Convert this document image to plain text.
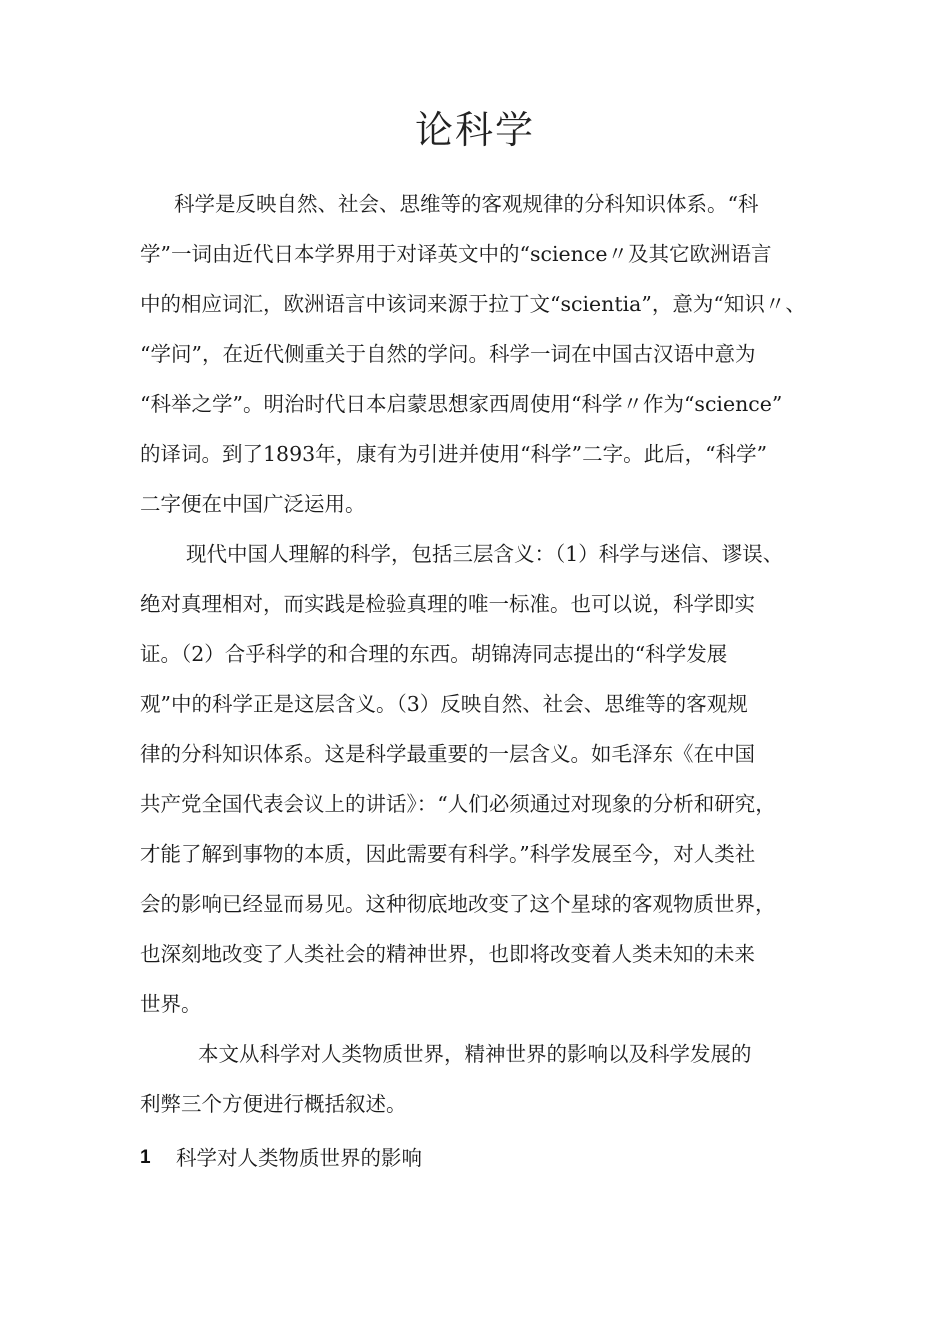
论科学
科学是反映自然、社会、思维等的客观规律的分科知识体系。“科
学”一词由近代日本学界用于对译英文中的“science〃及其它欧洲语言
中的相应词汇，欧洲语言中该词来源于拉丁文“scientia”，意为“知识〃、
“学问”，在近代侧重关于自然的学问。科学一词在中国古汉语中意为
“科举之学”。明治时代日本启蒙思想家西周使用“科学〃作为“science”
的译词。到了1893年，康有为引进并使用“科学”二字。此后，“科学”
二字便在中国广泛运用。
现代中国人理解的科学，包括三层含义：（1）科学与迷信、谬误、
绝对真理相对，而实践是检验真理的唯一标准。也可以说，科学即实
证。（2）合乎科学的和合理的东西。胡锦涛同志提出的“科学发展
观”中的科学正是这层含义。（3）反映自然、社会、思维等的客观规
律的分科知识体系。这是科学最重要的一层含义。如毛泽东《在中国
共产党全国代表会议上的讲话》：“人们必须通过对现象的分析和研究，
才能了解到事物的本质，因此需要有科学。”科学发展至今，对人类社
会的影响已经显而易见。这种彻底地改变了这个星球的客观物质世界，
也深刻地改变了人类社会的精神世界，也即将改变着人类未知的未来
世界。
本文从科学对人类物质世界，精神世界的影响以及科学发展的
利弊三个方便进行概括叙述。
1 科学对人类物质世界的影响
